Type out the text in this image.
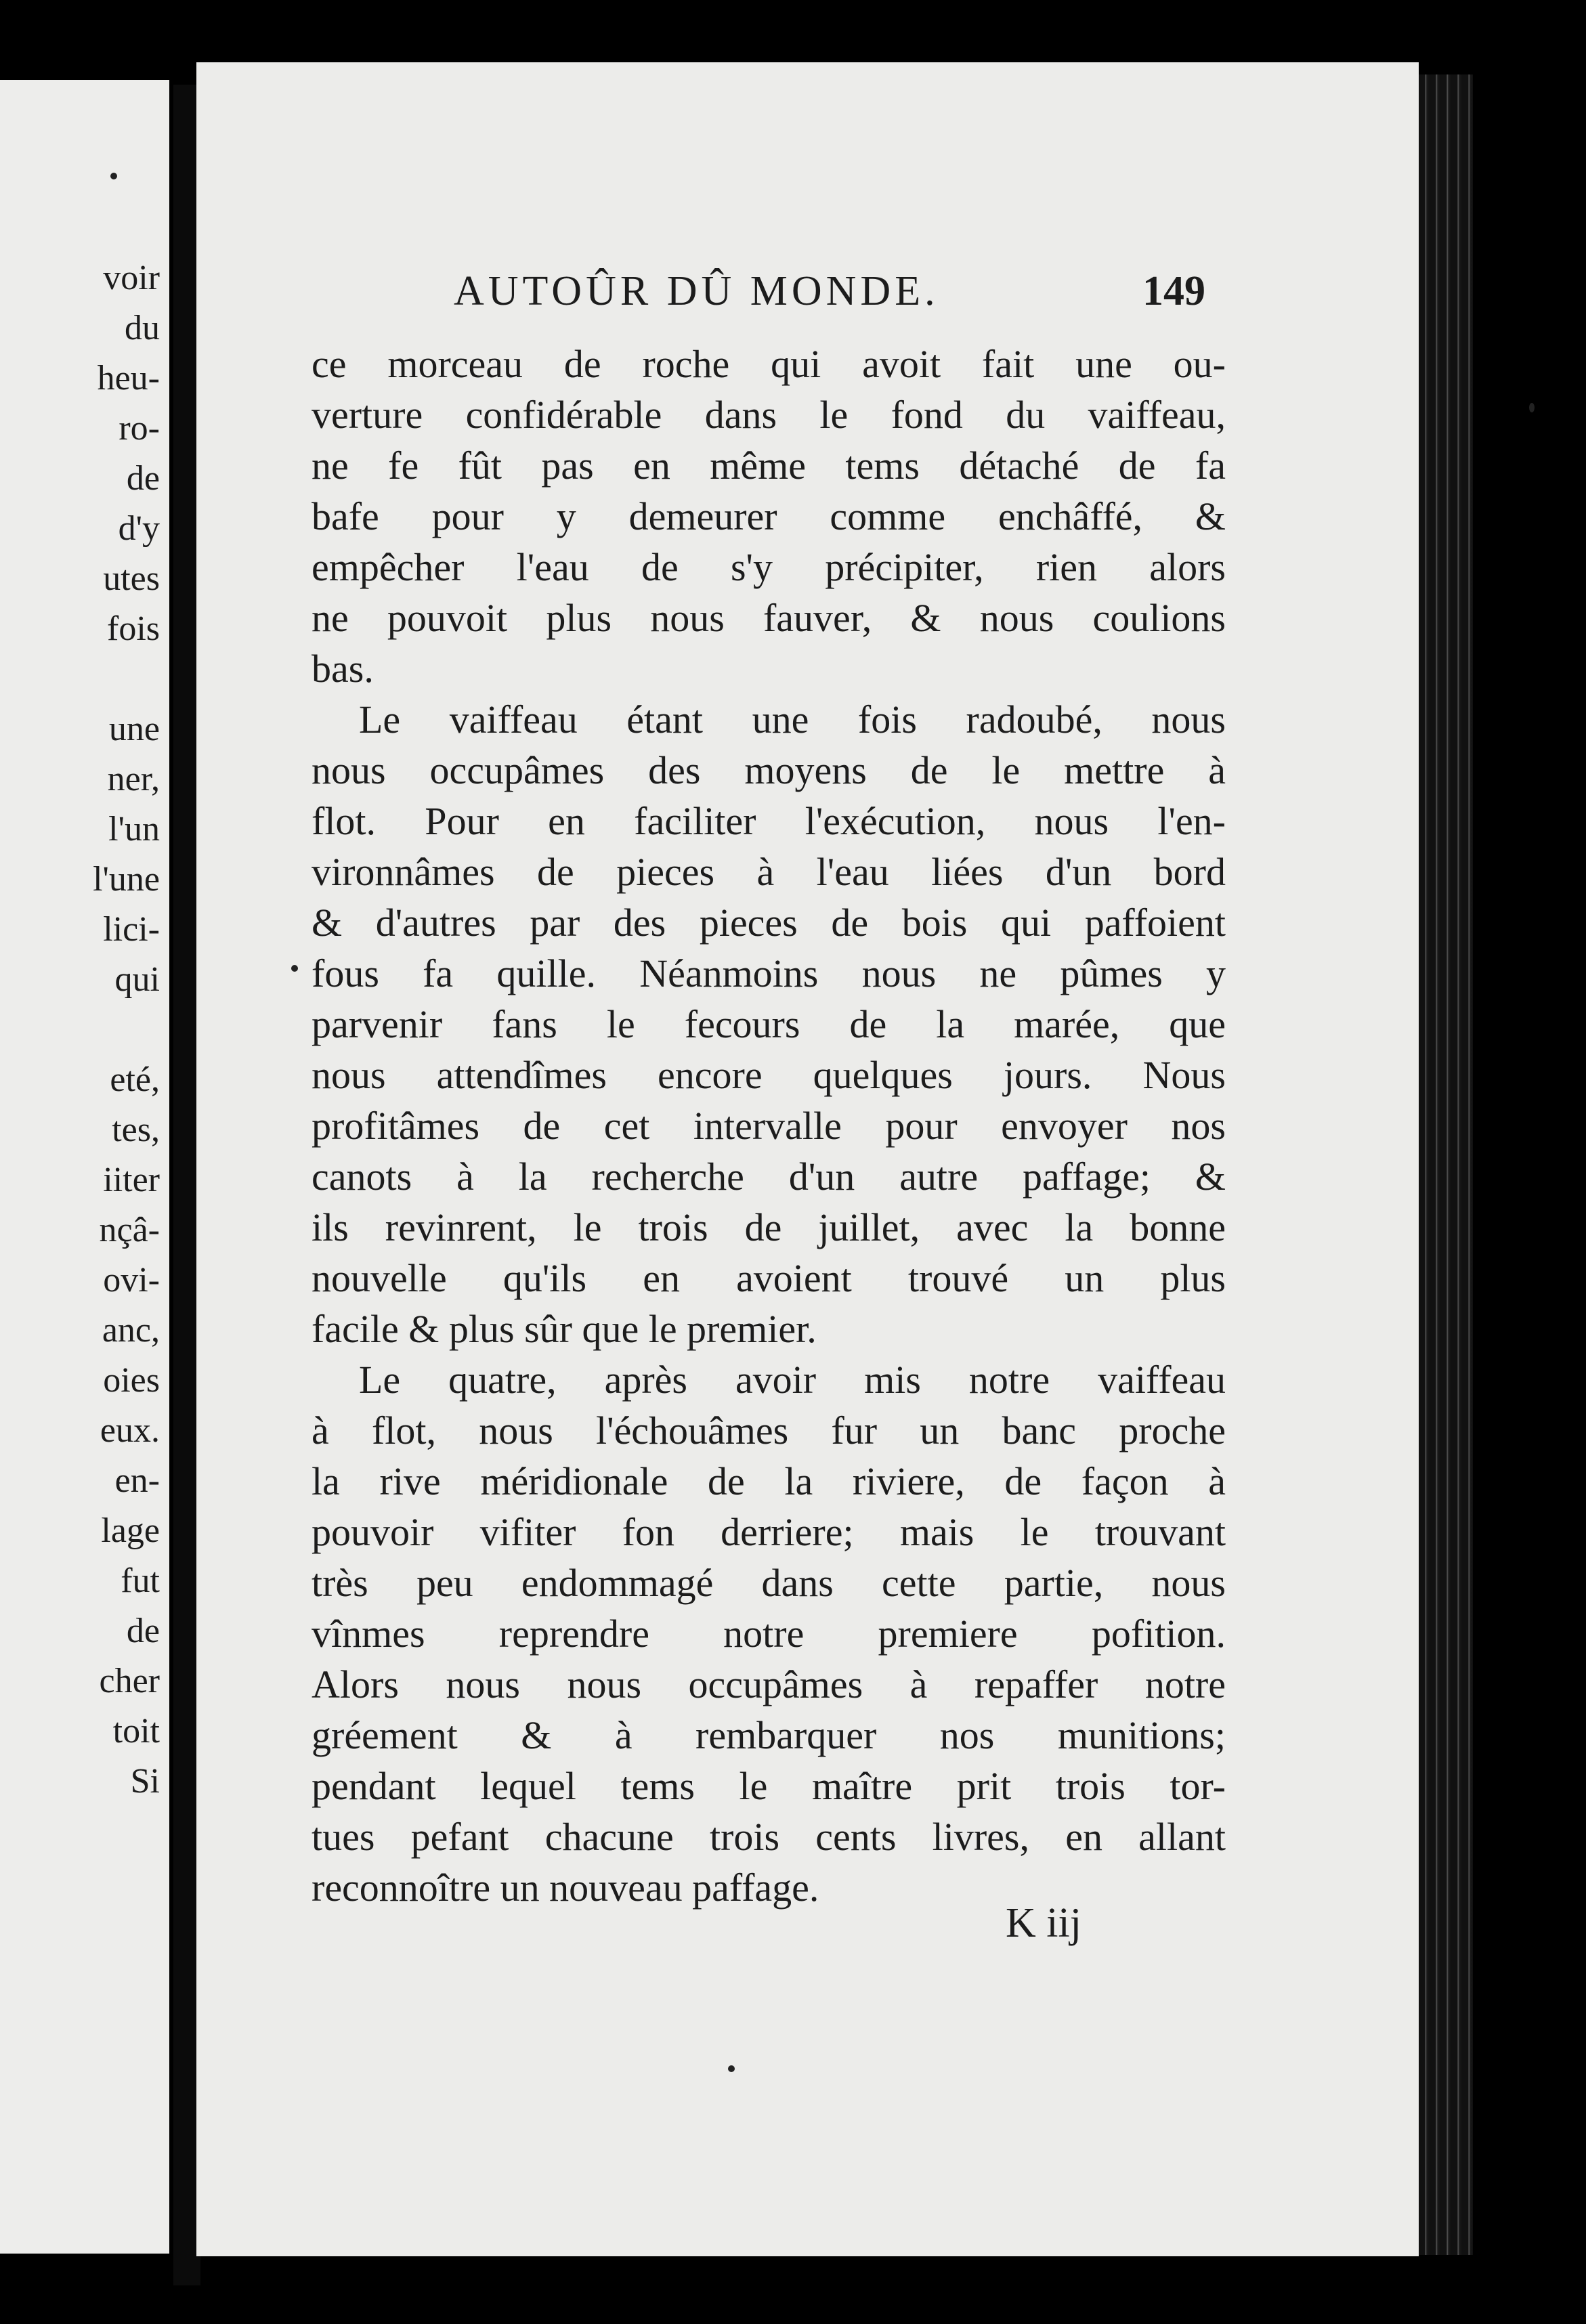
voir
du
heu-
ro-
de
d'y
utes
fois
une
ner,
l'un
l'une
lici-
qui
eté,
tes,
iiter
nçâ-
ovi-
anc,
oies
eux.
en-
lage
fut
de
cher
toit
Si
AUTOÛR DÛ MONDE.	149
ce morceau de roche qui avoit fait une ou-
verture confidérable dans le fond du vaiffeau,
ne fe fût pas en même tems détaché de fa
bafe pour y demeurer comme enchâffé, &
empêcher l'eau de s'y précipiter, rien alors
ne pouvoit plus nous fauver, & nous coulions
bas.
Le vaiffeau étant une fois radoubé, nous
nous occupâmes des moyens de le mettre à
flot. Pour en faciliter l'exécution, nous l'en-
vironnâmes de pieces à l'eau liées d'un bord
& d'autres par des pieces de bois qui paffoient
fous fa quille. Néanmoins nous ne pûmes y
parvenir fans le fecours de la marée, que
nous attendîmes encore quelques jours. Nous
profitâmes de cet intervalle pour envoyer nos
canots à la recherche d'un autre paffage; &
ils revinrent, le trois de juillet, avec la bonne
nouvelle qu'ils en avoient trouvé un plus
facile & plus sûr que le premier.
Le quatre, après avoir mis notre vaiffeau
à flot, nous l'échouâmes fur un banc proche
la rive méridionale de la riviere, de façon à
pouvoir vifiter fon derriere; mais le trouvant
très peu endommagé dans cette partie, nous
vînmes reprendre notre premiere pofition.
Alors nous nous occupâmes à repaffer notre
gréement & à rembarquer nos munitions;
pendant lequel tems le maître prit trois tor-
tues pefant chacune trois cents livres, en allant
reconnoître un nouveau paffage.
K iij
